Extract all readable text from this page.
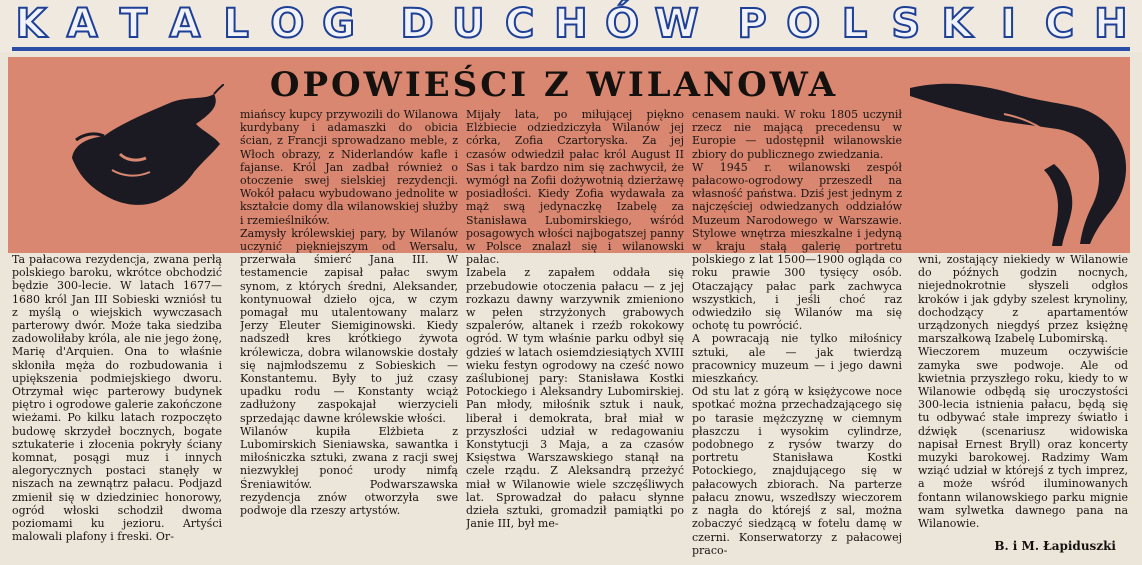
K A T A L O G D U C H Ó W P O L S K I C H
OPOWIEŚCI Z WILANOWA
Ta pałacowa rezydencja, zwana perłą polskiego baroku, wkrótce obchodzić będzie 300-lecie. W latach 1677—1680 król Jan III Sobieski wzniósł tu z myślą o wiejskich wywczasach parterowy dwór. Może taka siedziba zadowoliłaby króla, ale nie jego żonę, Marię d'Arquien. Ona to właśnie skłoniła męża do rozbudowania i upiększenia podmiejskiego dworu. Otrzymał więc parterowy budynek piętro i ogrodowe galerie zakończone wieżami. Po kilku latach rozpoczęto budowę skrzydeł bocznych, bogate sztukaterie i złocenia pokryły ściany komnat, posągi muz i innych alegorycznych postaci stanęły w niszach na zewnątrz pałacu. Podjazd zmienił się w dziedziniec honorowy, ogród włoski schodził dwoma poziomami ku jezioru. Artyści malowali plafony i freski. Or-
miańscy kupcy przywozili do Wilanowa kurdybany i adamaszki do obicia ścian, z Francji sprowadzano meble, z Włoch obrazy, z Niderlandów kafle i fajanse. Król Jan zadbał również o otoczenie swej sielskiej rezydencji. Wokół pałacu wybudowano jednolite w kształcie domy dla wilanowskiej służby i rzemieślników.
Zamysły królewskiej pary, by Wilanów uczynić piękniejszym od Wersalu, przerwała śmierć Jana III. W testamencie zapisał pałac swym synom, z których średni, Aleksander, kontynuował dzieło ojca, w czym pomagał mu utalentowany malarz Jerzy Eleuter Siemiginowski. Kiedy nadszedł kres krótkiego żywota królewicza, dobra wilanowskie dostały się najmłodszemu z Sobieskich — Konstantemu. Były to już czasy upadku rodu — Konstanty wciąż zadłużony zaspokajał wierzycieli sprzedając dawne królewskie włości.
Wilanów kupiła Elżbieta z Lubomirskich Sieniawska, sawantka i miłośniczka sztuki, zwana z racji swej niezwykłej ponoć urody nimfą Śreniawitów. Podwarszawska rezydencja znów otworzyła swe podwoje dla rzeszy artystów.
Mijały lata, po miłującej piękno Elżbiecie odziedziczyła Wilanów jej córka, Zofia Czartoryska. Za jej czasów odwiedził pałac król August II Sas i tak bardzo nim się zachwycił, że wymógł na Zofii dożywotnią dzierżawę posiadłości. Kiedy Zofia wydawała za mąż swą jedynaczkę Izabelę za Stanisława Lubomirskiego, wśród posagowych włości najbogatszej panny w Polsce znalazł się i wilanowski pałac.
Izabela z zapałem oddała się przebudowie otoczenia pałacu — z jej rozkazu dawny warzywnik zmieniono w pełen strzyżonych grabowych szpalerów, altanek i rzeźb rokokowy ogród. W tym właśnie parku odbył się gdzieś w latach osiemdziesiątych XVIII wieku festyn ogrodowy na cześć nowo zaślubionej pary: Stanisława Kostki Potockiego i Aleksandry Lubomirskiej. Pan młody, miłośnik sztuk i nauk, liberał i demokrata, brał miał w przyszłości udział w redagowaniu Konstytucji 3 Maja, a za czasów Księstwa Warszawskiego stanął na czele rządu. Z Aleksandrą przeżyć miał w Wilanowie wiele szczęśliwych lat. Sprowadzał do pałacu słynne dzieła sztuki, gromadził pamiątki po Janie III, był me-
cenasem nauki. W roku 1805 uczynił rzecz nie mającą precedensu w Europie — udostępnił wilanowskie zbiory do publicznego zwiedzania.
W 1945 r. wilanowski zespół pałacowo-ogrodowy przeszedł na własność państwa. Dziś jest jednym z najczęściej odwiedzanych oddziałów Muzeum Narodowego w Warszawie. Stylowe wnętrza mieszkalne i jedyną w kraju stałą galerię portretu polskiego z lat 1500—1900 ogląda co roku prawie 300 tysięcy osób. Otaczający pałac park zachwyca wszystkich, i jeśli choć raz odwiedziło się Wilanów ma się ochotę tu powrócić.
A powracają nie tylko miłośnicy sztuki, ale — jak twierdzą pracownicy muzeum — i jego dawni mieszkańcy.
Od stu lat z górą w księżycowe noce spotkać można przechadzającego się po tarasie mężczyznę w ciemnym płaszczu i wysokim cylindrze, podobnego z rysów twarzy do portretu Stanisława Kostki Potockiego, znajdującego się w pałacowych zbiorach. Na parterze pałacu znowu, wszedłszy wieczorem z nagła do którejś z sal, można zobaczyć siedzącą w fotelu damę w czerni. Konserwatorzy z pałacowej praco-
wni, zostający niekiedy w Wilanowie do późnych godzin nocnych, niejednokrotnie słyszeli odgłos kroków i jak gdyby szelest krynoliny, dochodzący z apartamentów urządzonych niegdyś przez księżnę marszałkową Izabelę Lubomirską.
Wieczorem muzeum oczywiście zamyka swe podwoje. Ale od kwietnia przyszłego roku, kiedy to w Wilanowie odbędą się uroczystości 300-lecia istnienia pałacu, będą się tu odbywać stałe imprezy światło i dźwięk (scenariusz widowiska napisał Ernest Bryll) oraz koncerty muzyki barokowej. Radzimy Wam wziąć udział w którejś z tych imprez, a może wśród iluminowanych fontann wilanowskiego parku mignie wam sylwetka dawnego pana na Wilanowie.
B. i M. Łapiduszki
